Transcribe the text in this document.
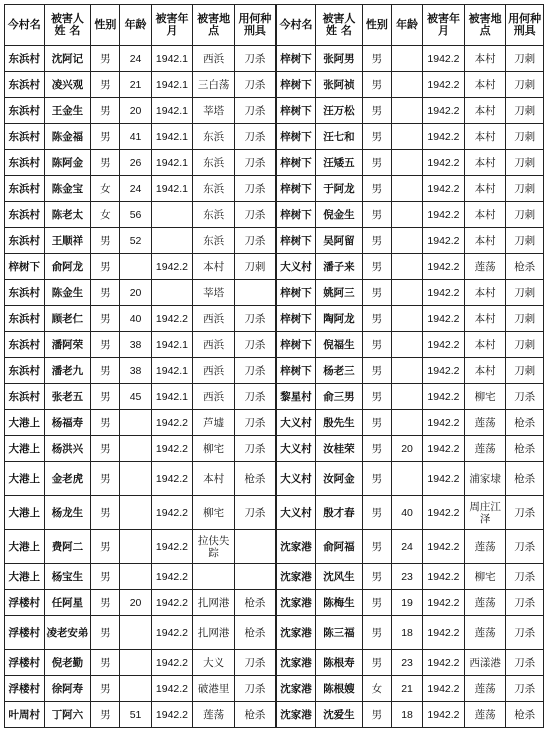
今村名	被害人姓 名	性别	年龄	被害年月	被害地点	用何种刑具	今村名	被害人姓 名	性别	年龄	被害年月	被害地点	用何种刑具
东浜村	沈阿记	男	24	1942.1	西浜	刀杀	梓树下	张阿男	男		1942.2	本村	刀刺
东浜村	凌兴观	男	21	1942.1	三白荡	刀杀	梓树下	张阿祯	男		1942.2	本村	刀刺
东浜村	王金生	男	20	1942.1	莘塔	刀杀	梓树下	汪万松	男		1942.2	本村	刀刺
东浜村	陈金福	男	41	1942.1	东浜	刀杀	梓树下	汪七和	男		1942.2	本村	刀刺
东浜村	陈阿金	男	26	1942.1	东浜	刀杀	梓树下	汪矮五	男		1942.2	本村	刀刺
东浜村	陈金宝	女	24	1942.1	东浜	刀杀	梓树下	于阿龙	男		1942.2	本村	刀刺
东浜村	陈老太	女	56		东浜	刀杀	梓树下	倪金生	男		1942.2	本村	刀刺
东浜村	王顺祥	男	52		东浜	刀杀	梓树下	吴阿留	男		1942.2	本村	刀刺
梓树下	俞阿龙	男		1942.2	本村	刀刺	大义村	潘子来	男		1942.2	莲荡	枪杀
东浜村	陈金生	男	20		莘塔		梓树下	姚阿三	男		1942.2	本村	刀刺
东浜村	顾老仁	男	40	1942.2	西浜	刀杀	梓树下	陶阿龙	男		1942.2	本村	刀刺
东浜村	潘阿荣	男	38	1942.1	西浜	刀杀	梓树下	倪福生	男		1942.2	本村	刀刺
东浜村	潘老九	男	38	1942.1	西浜	刀杀	梓树下	杨老三	男		1942.2	本村	刀刺
东浜村	张老五	男	45	1942.1	西浜	刀杀	黎星村	俞三男	男		1942.2	柳宅	刀杀
大港上	杨福寿	男		1942.2	芦墟	刀杀	大义村	殷先生	男		1942.2	莲荡	枪杀
大港上	杨洪兴	男		1942.2	柳宅	刀杀	大义村	汝桂荣	男	20	1942.2	莲荡	枪杀
大港上	金老虎	男		1942.2	本村	枪杀	大义村	汝阿金	男		1942.2	浦家埭	枪杀
大港上	杨龙生	男		1942.2	柳宅	刀杀	大义村	殷才春	男	40	1942.2	周庄江泽	刀杀
大港上	费阿二	男		1942.2	拉伕失踪		沈家港	俞阿福	男	24	1942.2	莲荡	刀杀
大港上	杨宝生	男		1942.2			沈家港	沈风生	男	23	1942.2	柳宅	刀杀
浮楼村	任阿星	男	20	1942.2	扎网港	枪杀	沈家港	陈梅生	男	19	1942.2	莲荡	刀杀
浮楼村	凌老安弟	男		1942.2	扎网港	枪杀	沈家港	陈三福	男	18	1942.2	莲荡	刀杀
浮楼村	倪老勤	男		1942.2	大义	刀杀	沈家港	陈根寿	男	23	1942.2	西漾港	刀杀
浮楼村	徐阿寿	男		1942.2	破港里	刀杀	沈家港	陈根嫂	女	21	1942.2	莲荡	刀杀
叶周村	丁阿六	男	51	1942.2	莲荡	枪杀	沈家港	沈爱生	男	18	1942.2	莲荡	枪杀
